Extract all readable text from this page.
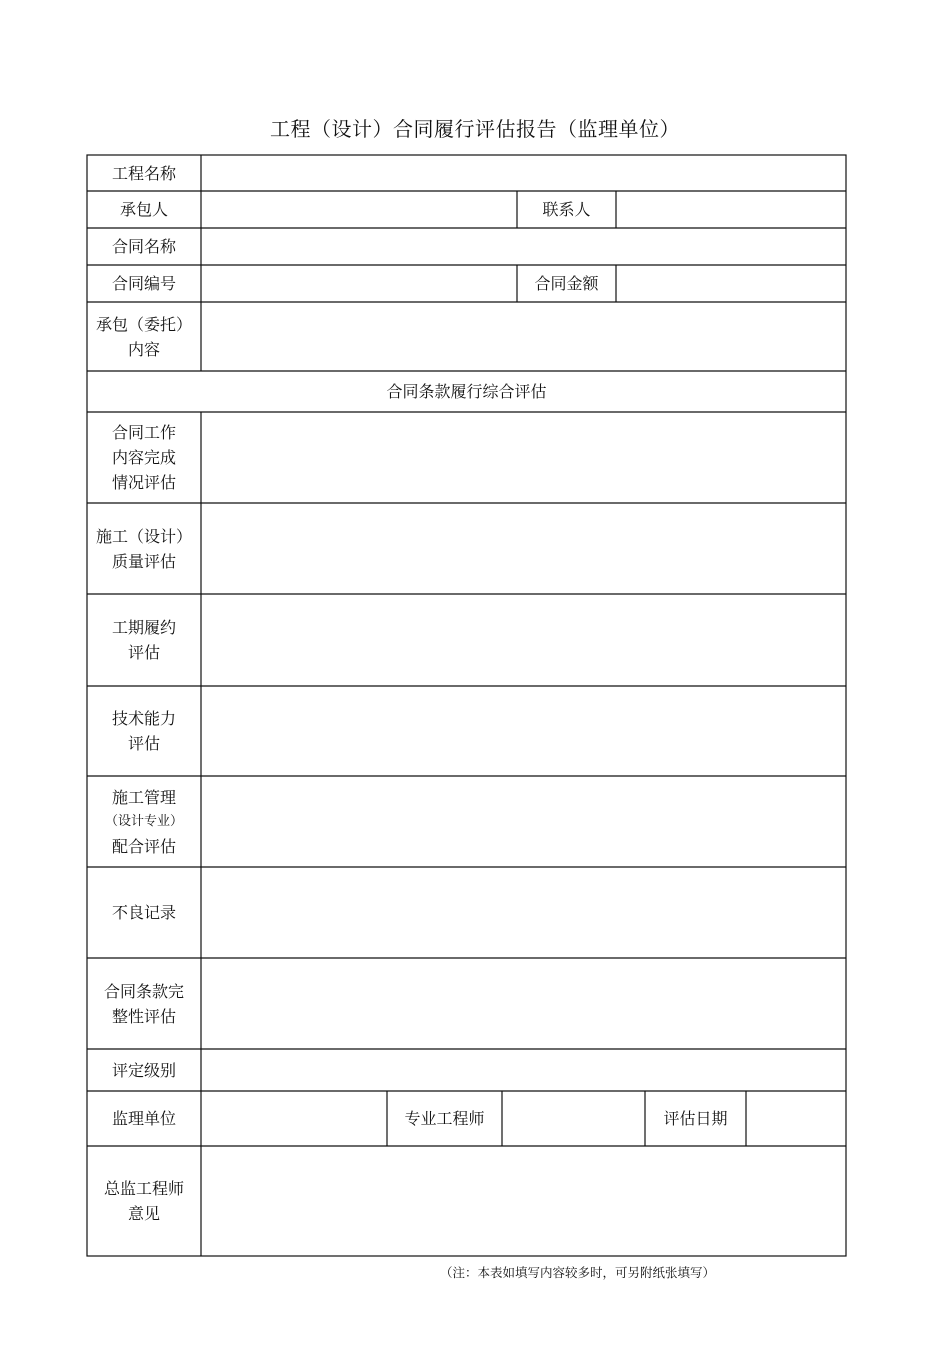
工程（设计）合同履行评估报告（监理单位）
工程名称
承包人	联系人
合同名称
合同编号	合同金额
承包（委托）
内容
合同条款履行综合评估
合同工作
内容完成
情况评估
施工（设计）
质量评估
工期履约
评估
技术能力
评估
施工管理
（设计专业）
配合评估
不良记录
合同条款完
整性评估
评定级别
监理单位	专业工程师	评估日期
总监工程师
意见
（注：本表如填写内容较多时，可另附纸张填写）
